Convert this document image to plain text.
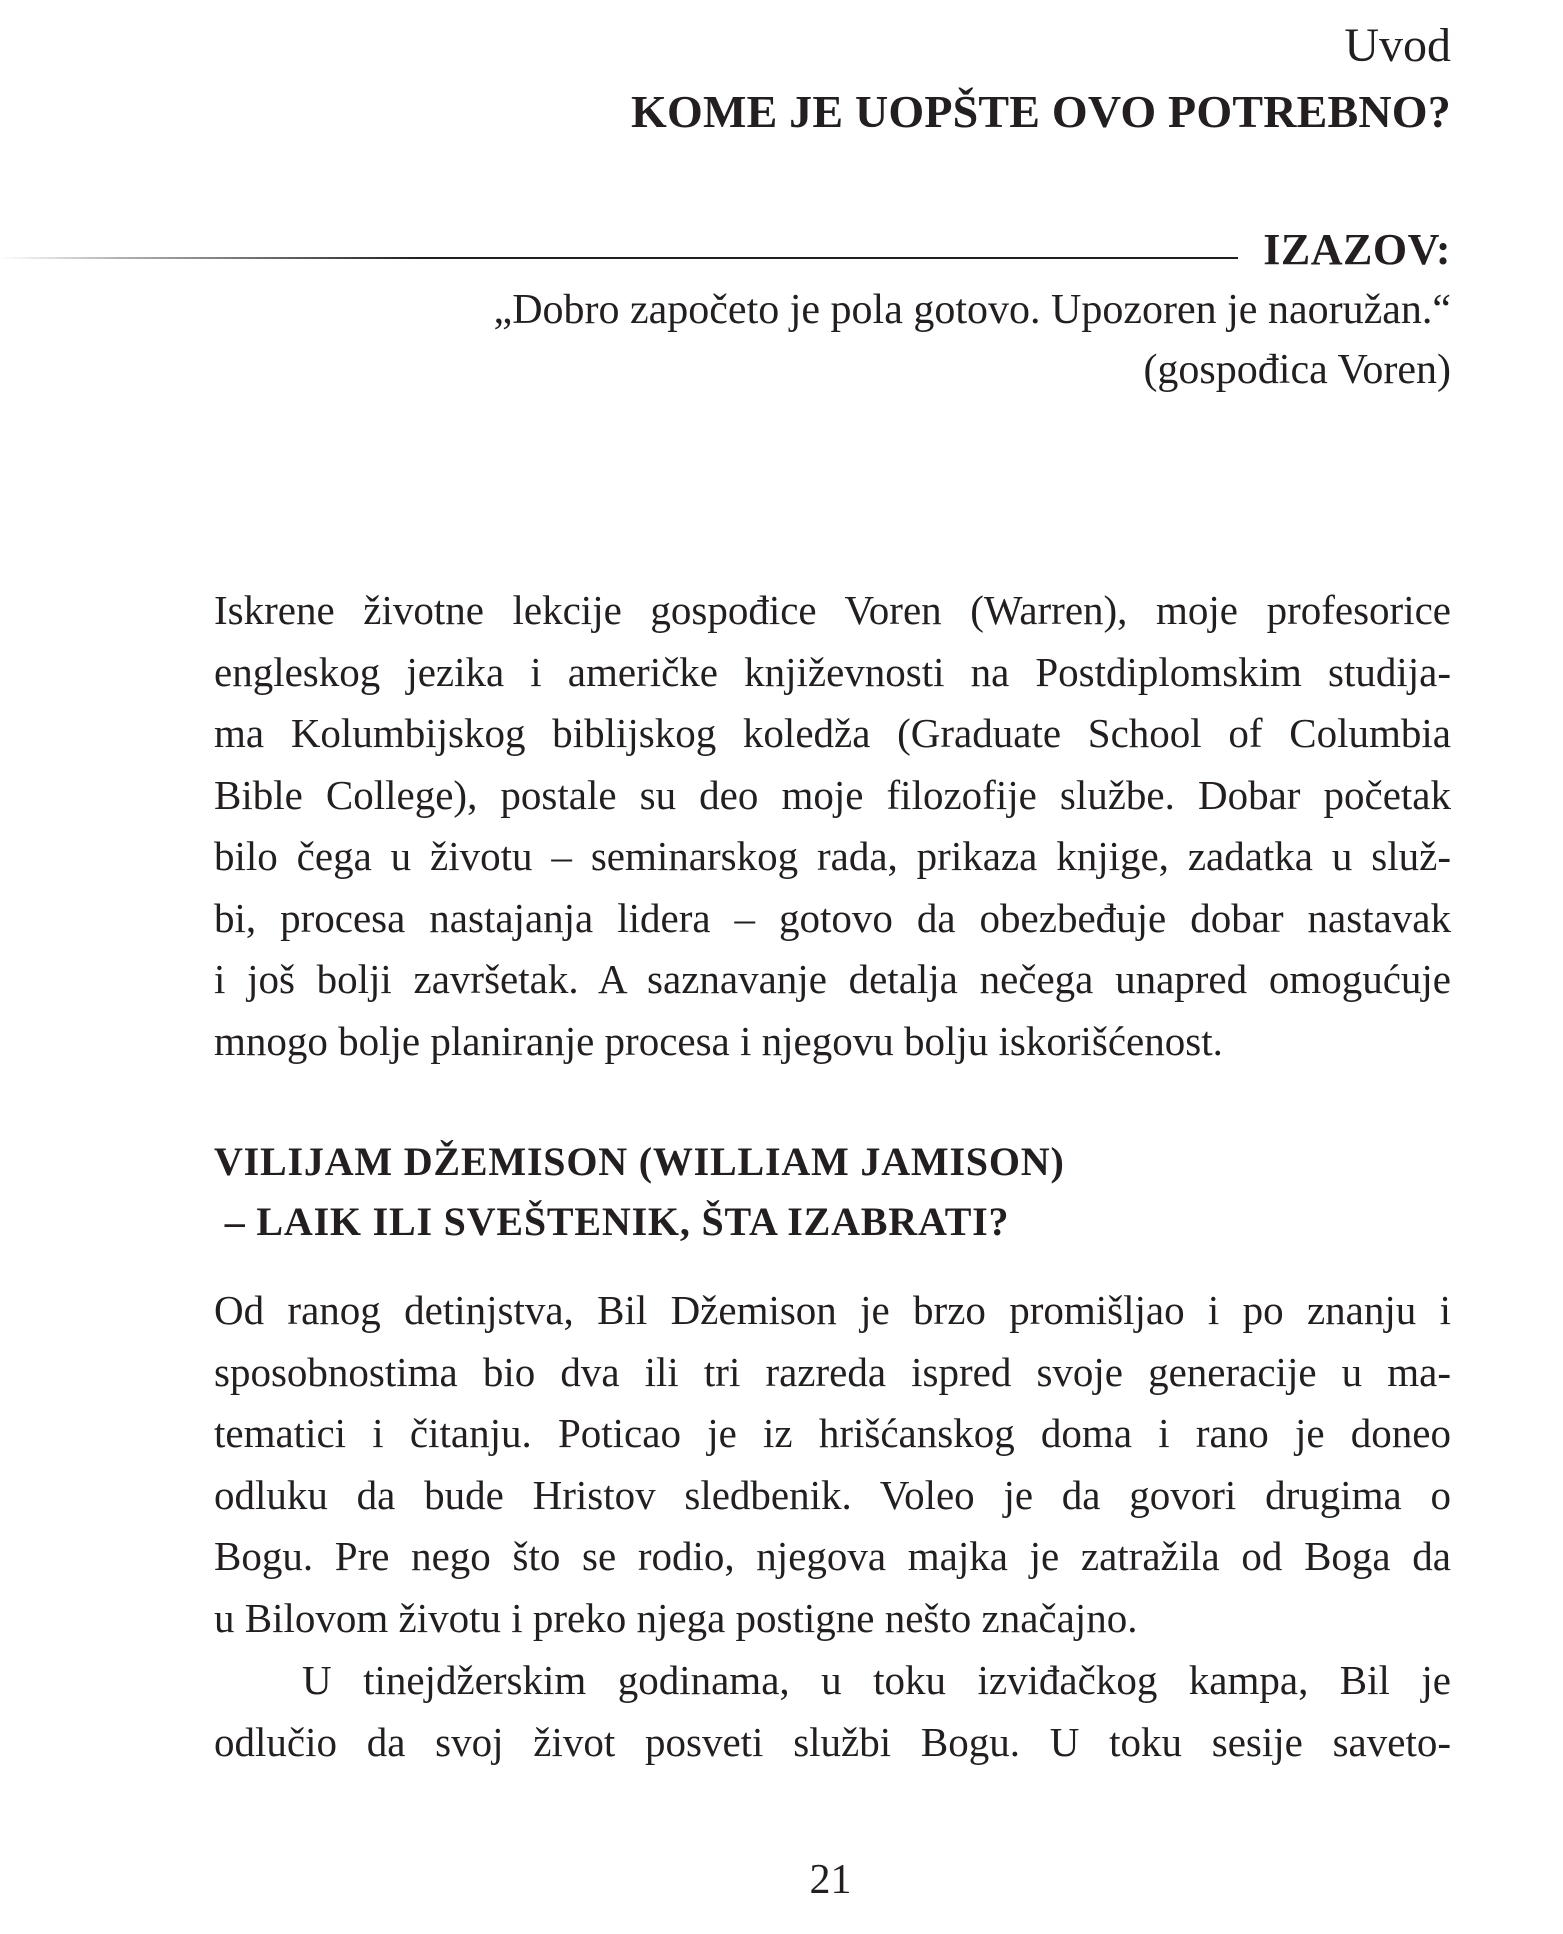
Uvod
KOME JE UOPŠTE OVO POTREBNO?
IZAZOV:
„Dobro započeto je pola gotovo. Upozoren je naoružan.“
(gospođica Voren)
Iskrene životne lekcije gospođice Voren (Warren), moje profesorice
engleskog jezika i američke književnosti na Postdiplomskim studija-
ma Kolumbijskog biblijskog koledža (Graduate School of Columbia
Bible College), postale su deo moje filozofije službe. Dobar početak
bilo čega u životu – seminarskog rada, prikaza knjige, zadatka u služ-
bi, procesa nastajanja lidera – gotovo da obezbeđuje dobar nastavak
i još bolji završetak. A saznavanje detalja nečega unapred omogućuje
mnogo bolje planiranje procesa i njegovu bolju iskorišćenost.
VILIJAM DŽEMISON (WILLIAM JAMISON)
– LAIK ILI SVEŠTENIK, ŠTA IZABRATI?
Od ranog detinjstva, Bil Džemison je brzo promišljao i po znanju i
sposobnostima bio dva ili tri razreda ispred svoje generacije u ma-
tematici i čitanju. Poticao je iz hrišćanskog doma i rano je doneo
odluku da bude Hristov sledbenik. Voleo je da govori drugima o
Bogu. Pre nego što se rodio, njegova majka je zatražila od Boga da
u Bilovom životu i preko njega postigne nešto značajno.
U tinejdžerskim godinama, u toku izviđačkog kampa, Bil je
odlučio da svoj život posveti službi Bogu. U toku sesije saveto-
21
